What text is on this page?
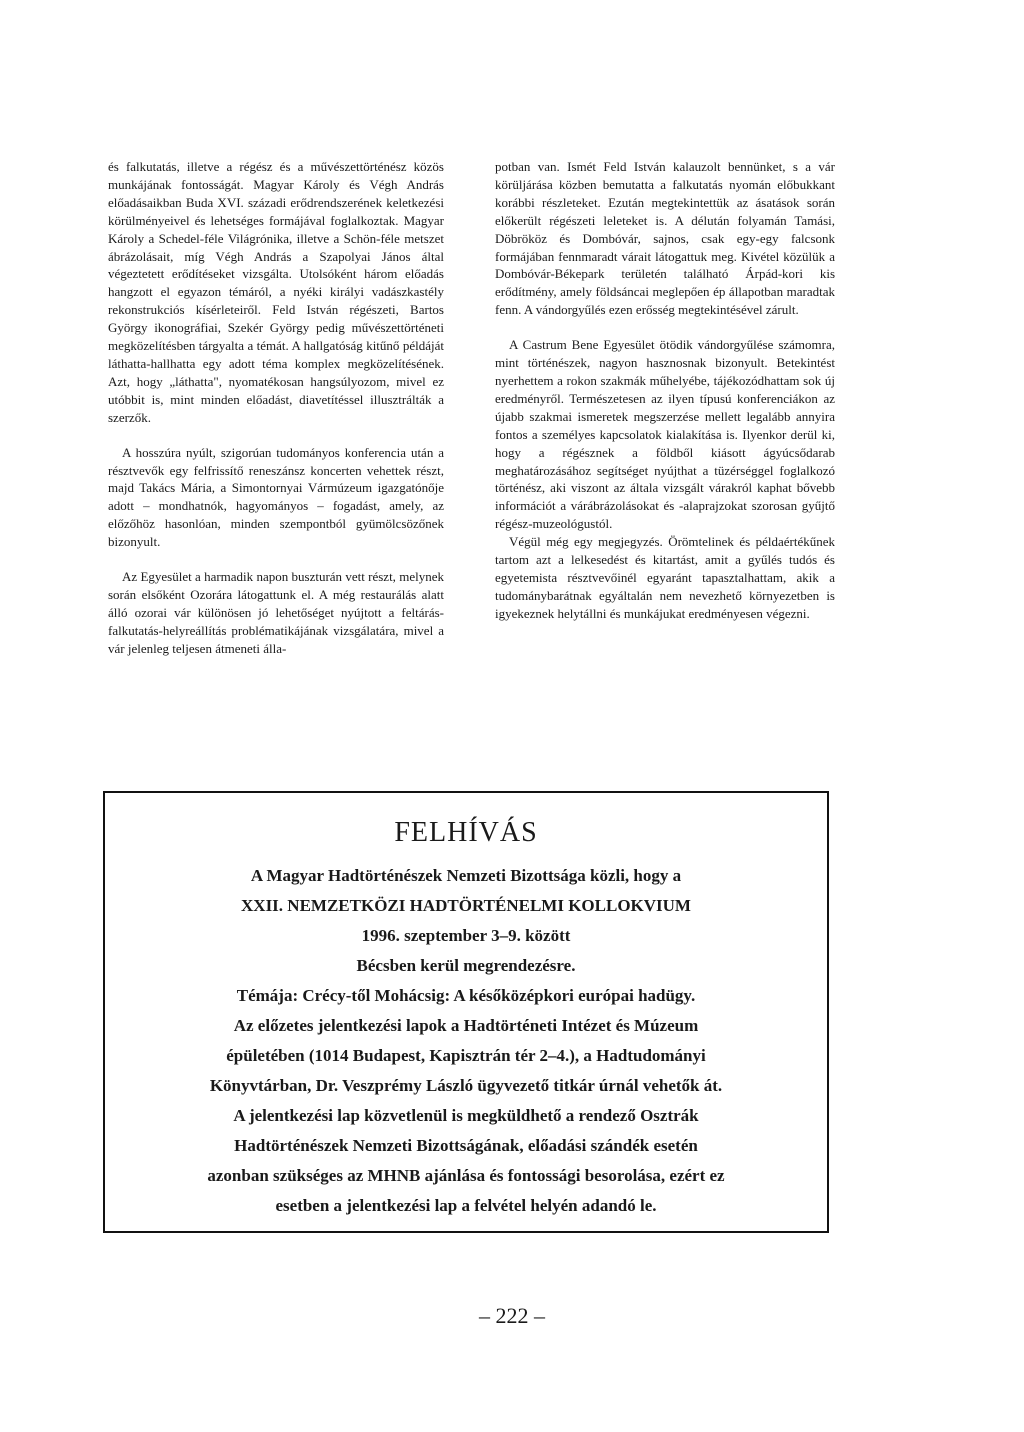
és falkutatás, illetve a régész és a művészettörténész közös munkájának fontosságát. Magyar Károly és Végh András előadásaikban Buda XVI. századi erődrendszerének keletkezési körülményeivel és lehetséges formájával foglalkoztak. Magyar Károly a Schedel-féle Világrónika, illetve a Schön-féle metszet ábrázolásait, míg Végh András a Szapolyai János által végeztetett erődítéseket vizsgálta. Utolsóként három előadás hangzott el egyazon témáról, a nyéki királyi vadászkastély rekonstrukciós kísérleteiről. Feld István régészeti, Bartos György ikonográfiai, Szekér György pedig művészettörténeti megközelítésben tárgyalta a témát. A hallgatóság kitűnő példáját láthatta-hallhatta egy adott téma komplex megközelítésének. Azt, hogy „láthatta", nyomatékosan hangsúlyozom, mivel ez utóbbit is, mint minden előadást, diavetítéssel illusztrálták a szerzők.

A hosszúra nyúlt, szigorúan tudományos konferencia után a résztvevők egy felfrissítő reneszánsz koncerten vehettek részt, majd Takács Mária, a Simontornyai Vármúzeum igazgatónője adott – mondhatnók, hagyományos – fogadást, amely, az előzőhöz hasonlóan, minden szempontból gyümölcsözőnek bizonyult.

Az Egyesület a harmadik napon buszturán vett részt, melynek során elsőként Ozorára látogattunk el. A még restaurálás alatt álló ozorai vár különösen jó lehetőséget nyújtott a feltárás-falkutatás-helyreállítás problématikájának vizsgálatára, mivel a vár jelenleg teljesen átmeneti álla-

potban van. Ismét Feld István kalauzolt bennünket, s a vár körüljárása közben bemutatta a falkutatás nyomán előbukkant korábbi részleteket. Ezután megtekintettük az ásatások során előkerült régészeti leleteket is. A délután folyamán Tamási, Döbrököz és Dombóvár, sajnos, csak egy-egy falcsonk formájában fennmaradt várait látogattuk meg. Kivétel közülük a Dombóvár-Békepark területén található Árpád-kori kis erődítmény, amely földsáncai meglepően ép állapotban maradtak fenn. A vándorgyűlés ezen erősség megtekintésével zárult.

A Castrum Bene Egyesület ötödik vándorgyűlése számomra, mint történészek, nagyon hasznosnak bizonyult. Betekintést nyerhettem a rokon szakmák műhelyébe, tájékozódhattam sok új eredményről. Természetesen az ilyen típusú konferenciákon az újabb szakmai ismeretek megszerzése mellett legalább annyira fontos a személyes kapcsolatok kialakítása is. Ilyenkor derül ki, hogy a régésznek a földből kiásott ágyúcsődarab meghatározásához segítséget nyújthat a tüzérséggel foglalkozó történész, aki viszont az általa vizsgált várakról kaphat bővebb információt a várábrázolásokat és -alaprajzokat szorosan gyűjtő régész-muzeológustól.

Végül még egy megjegyzés. Örömtelinek és példaértékűnek tartom azt a lelkesedést és kitartást, amit a gyűlés tudós és egyetemista résztvevőinél egyaránt tapasztalhattam, akik a tudománybarátnak egyáltalán nem nevezhető környezetben is igyekeznek helytállni és munkájukat eredményesen végezni.

FELHÍVÁS
A Magyar Hadtörténészek Nemzeti Bizottsága közli, hogy a
XXII. NEMZETKÖZI HADTÖRTÉNELMI KOLLOKVIUM
1996. szeptember 3–9. között
Bécsben kerül megrendezésre.
Témája: Crécy-től Mohácsig: A későközépkori európai hadügy.
Az előzetes jelentkezési lapok a Hadtörténeti Intézet és Múzeum
épületében (1014 Budapest, Kapisztrán tér 2–4.), a Hadtudományi
Könyvtárban, Dr. Veszprémy László ügyvezető titkár úrnál vehetők át.
A jelentkezési lap közvetlenül is megküldhető a rendező Osztrák
Hadtörténészek Nemzeti Bizottságának, előadási szándék esetén
azonban szükséges az MHNB ajánlása és fontossági besorolása, ezért ez
esetben a jelentkezési lap a felvétel helyén adandó le.
– 222 –
